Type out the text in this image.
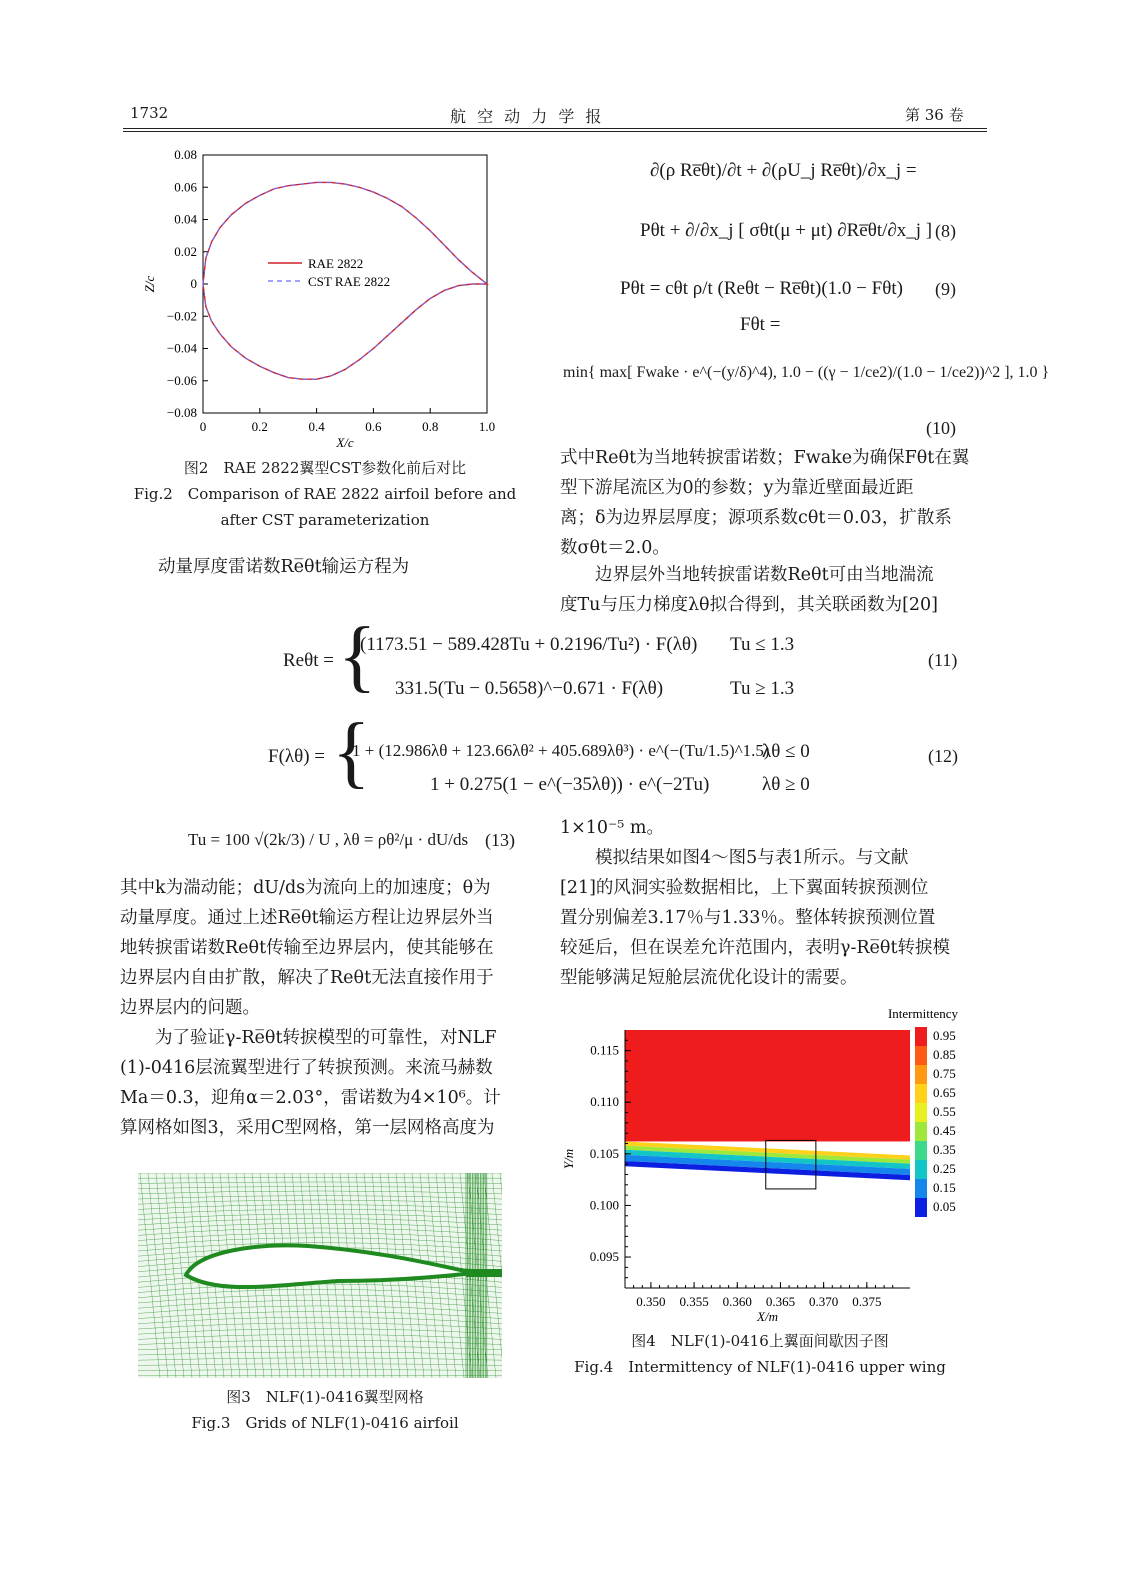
1732	航 空 动 力 学 报	第 36 卷
0	0.2	0.4	0.6	0.8	1.0
0.08
0.06
0.04
0.02
0
−0.02
−0.04
−0.06
−0.08
X/c
Z/c
RAE 2822
CST RAE 2822
图2　RAE 2822翼型CST参数化前后对比
Fig.2　Comparison of RAE 2822 airfoil before and
after CST parameterization
　　动量厚度雷诺数Re̅θt输运方程为
∂(ρ Re̅θt)/∂t + ∂(ρU_j Re̅θt)/∂x_j =
Pθt + ∂/∂x_j [ σθt(μ + μt) ∂Re̅θt/∂x_j ] (8)
Pθt = cθt ρ/t (Reθt − Re̅θt)(1.0 − Fθt) (9)
Fθt =
min{ max[ Fwake · e^(−(y/δ)^4), 1.0 − ((γ − 1/ce2)/(1.0 − 1/ce2))^2 ], 1.0 }
(10)
式中Reθt为当地转捩雷诺数；Fwake为确保Fθt在翼
型下游尾流区为0的参数；y为靠近壁面最近距
离；δ为边界层厚度；源项系数cθt＝0.03，扩散系
数σθt＝2.0。
　　边界层外当地转捩雷诺数Reθt可由当地湍流
度Tu与压力梯度λθ拟合得到，其关联函数为[20]
Reθt = {
(1173.51 − 589.428Tu + 0.2196/Tu²) · F(λθ) Tu ≤ 1.3
331.5(Tu − 0.5658)^−0.671 · F(λθ)	Tu ≥ 1.3
(11)
F(λθ) = {
1 + (12.986λθ + 123.66λθ² + 405.689λθ³) · e^(−(Tu/1.5)^1.5)
λθ ≤ 0
1 + 0.275(1 − e^(−35λθ)) · e^(−2Tu)	λθ ≥ 0
(12)
Tu = 100 √(2k/3) / U , λθ = ρθ²/μ · dU/ds (13)
其中k为湍动能；dU/ds为流向上的加速度；θ为
动量厚度。通过上述Re̅θt输运方程让边界层外当
地转捩雷诺数Reθt传输至边界层内，使其能够在
边界层内自由扩散，解决了Reθt无法直接作用于
边界层内的问题。
　　为了验证γ-Re̅θt转捩模型的可靠性，对NLF
(1)-0416层流翼型进行了转捩预测。来流马赫数
Ma＝0.3，迎角α＝2.03°，雷诺数为4×10⁶。计
算网格如图3，采用C型网格，第一层网格高度为
1×10⁻⁵ m。
　　模拟结果如图4～图5与表1所示。与文献
[21]的风洞实验数据相比，上下翼面转捩预测位
置分别偏差3.17％与1.33％。整体转捩预测位置
较延后，但在误差允许范围内，表明γ-Re̅θt转捩模
型能够满足短舱层流优化设计的需要。
图3　NLF(1)-0416翼型网格
Fig.3　Grids of NLF(1)-0416 airfoil
0.350 0.355 0.360 0.365 0.370 0.375
0.115
0.110
0.105
0.100
0.095
X/m
Y/m
Intermittency
0.95
0.85
0.75
0.65
0.55
0.45
0.35
0.25
0.15
0.05
图4　NLF(1)-0416上翼面间歇因子图
Fig.4　Intermittency of NLF(1)-0416 upper wing
